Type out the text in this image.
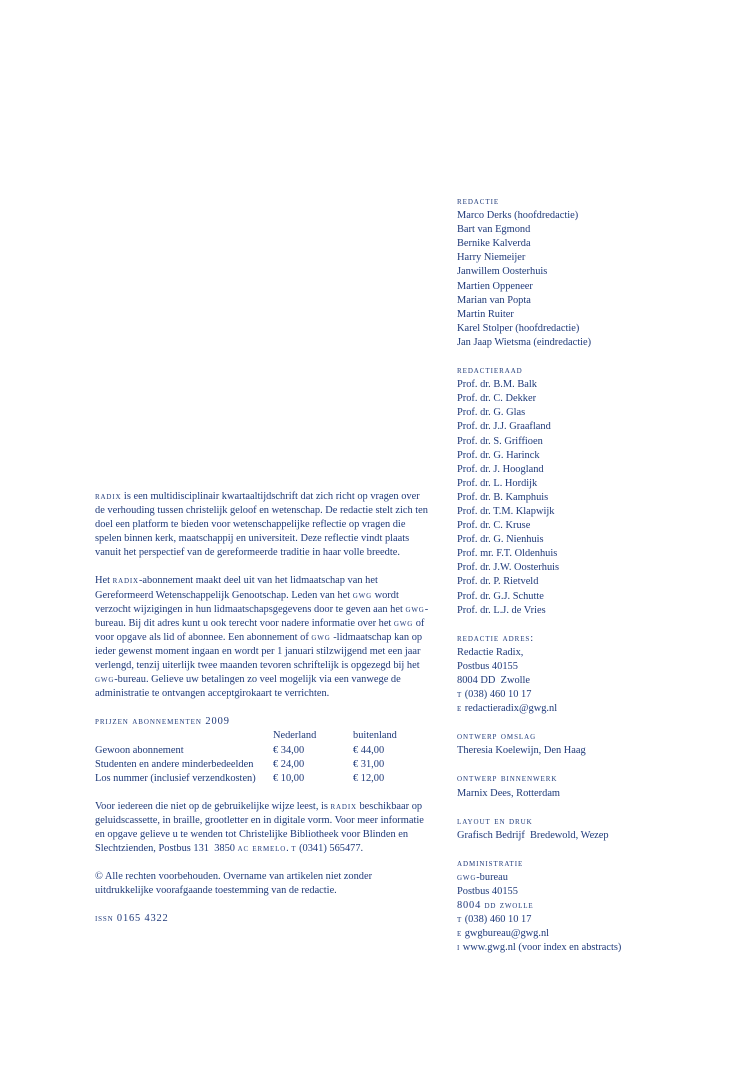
redactie
Marco Derks (hoofdredactie)
Bart van Egmond
Bernike Kalverda
Harry Niemeijer
Janwillem Oosterhuis
Martien Oppeneer
Marian van Popta
Martin Ruiter
Karel Stolper (hoofdredactie)
Jan Jaap Wietsma (eindredactie)
redactieraad
Prof. dr. B.M. Balk
Prof. dr. C. Dekker
Prof. dr. G. Glas
Prof. dr. J.J. Graafland
Prof. dr. S. Griffioen
Prof. dr. G. Harinck
Prof. dr. J. Hoogland
Prof. dr. L. Hordijk
Prof. dr. B. Kamphuis
Prof. dr. T.M. Klapwijk
Prof. dr. C. Kruse
Prof. dr. G. Nienhuis
Prof. mr. F.T. Oldenhuis
Prof. dr. J.W. Oosterhuis
Prof. dr. P. Rietveld
Prof. dr. G.J. Schutte
Prof. dr. L.J. de Vries
redactie adres:
Redactie Radix,
Postbus 40155
8004 DD Zwolle
t (038) 460 10 17
e redactieradix@gwg.nl
ontwerp omslag
Theresia Koelewijn, Den Haag
ontwerp binnenwerk
Marnix Dees, Rotterdam
layout en druk
Grafisch Bedrijf  Bredewold, Wezep
administratie
gwg-bureau
Postbus 40155
8004 dd zwolle
t (038) 460 10 17
e gwgbureau@gwg.nl
i www.gwg.nl (voor index en abstracts)

radix is een multidisciplinair kwartaaltijdschrift dat zich richt op vragen over de verhouding tussen christelijk geloof en wetenschap. De redactie stelt zich ten doel een platform te bieden voor wetenschappelijke reflectie op vragen die spelen binnen kerk, maatschappij en universiteit. Deze reflectie vindt plaats vanuit het perspectief van de gereformeerde traditie in haar volle breedte.

Het radix-abonnement maakt deel uit van het lidmaatschap van het Gereformeerd Wetenschappelijk Genootschap. Leden van het gwg wordt verzocht wijzigingen in hun lidmaatschapsgegevens door te geven aan het gwg-bureau. Bij dit adres kunt u ook terecht voor nadere informatie over het gwg of voor opgave als lid of abonnee. Een abonnement of gwg -lidmaatschap kan op ieder gewenst moment ingaan en wordt per 1 januari stilzwijgend met een jaar verlengd, tenzij uiterlijk twee maanden tevoren schriftelijk is opgezegd bij het gwg-bureau. Gelieve uw betalingen zo veel mogelijk via een vanwege de administratie te ontvangen acceptgirokaart te verrichten.

prijzen abonnementen 2009
	Nederland	buitenland
Gewoon abonnement	€ 34,00	€ 44,00
Studenten en andere minderbedeelden	€ 24,00	€ 31,00
Los nummer (inclusief verzendkosten)	€ 10,00	€ 12,00

Voor iedereen die niet op de gebruikelijke wijze leest, is radix beschikbaar op geluidscassette, in braille, grootletter en in digitale vorm. Voor meer informatie en opgave gelieve u te wenden tot Christelijke Bibliotheek voor Blinden en Slechtzienden, Postbus 131  3850 ac ermelo. t (0341) 565477.

© Alle rechten voorbehouden. Overname van artikelen niet zonder uitdrukkelijke voorafgaande toestemming van de redactie.

issn 0165 4322
